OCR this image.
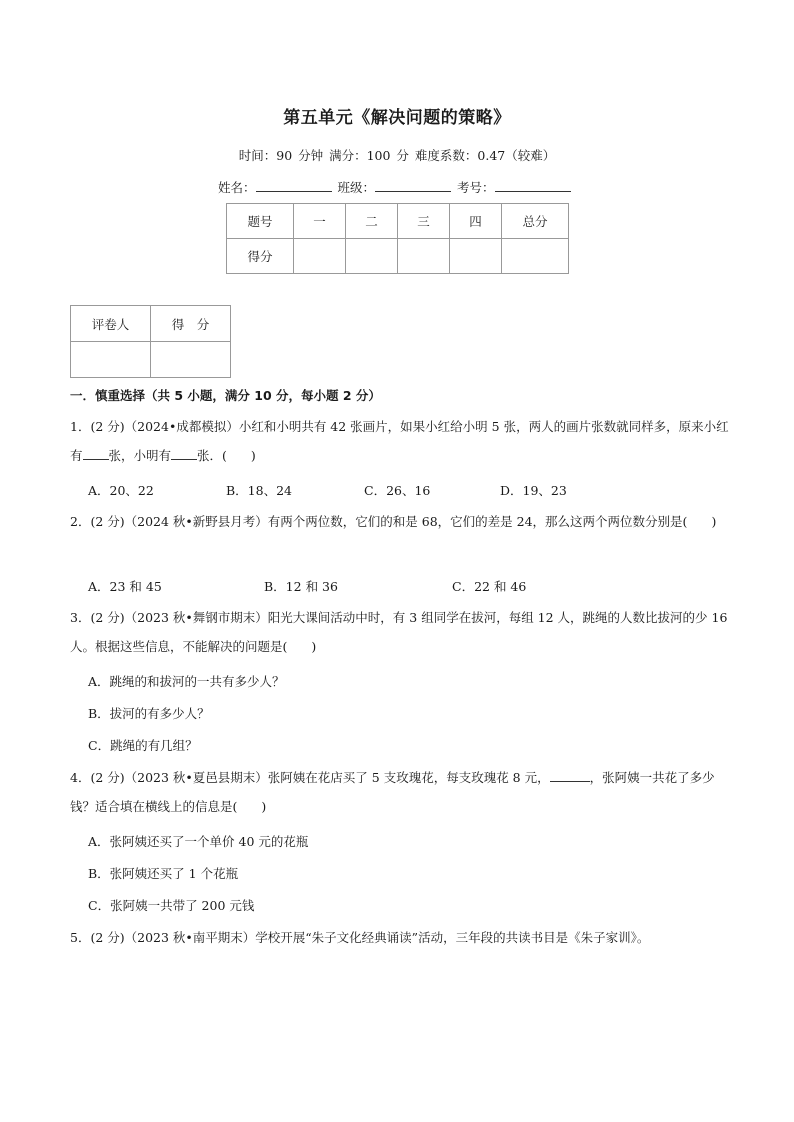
第五单元《解决问题的策略》
时间：90 分钟 满分：100 分 难度系数：0.47（较难）
姓名：	班级：	考号：
题号	一	二	三	四	总分
得分					
评卷人	得　分

一．慎重选择（共 5 小题，满分 10 分，每小题 2 分）
1．(2 分)（2024•成都模拟）小红和小明共有 42 张画片，如果小红给小明 5 张，两人的画片张数就同样多，原来小红有 张，小明有 张．( )
A．20、22	B．18、24	C．26、16	D．19、23
2．(2 分)（2024 秋•新野县月考）有两个两位数，它们的和是 68，它们的差是 24，那么这两个两位数分别是( )
A．23 和 45	B．12 和 36	C．22 和 46
3．(2 分)（2023 秋•舞钢市期末）阳光大课间活动中时，有 3 组同学在拔河，每组 12 人，跳绳的人数比拔河的少 16 人。根据这些信息，不能解决的问题是( )
A．跳绳的和拔河的一共有多少人？
B．拔河的有多少人？
C．跳绳的有几组？
4．(2 分)（2023 秋•夏邑县期末）张阿姨在花店买了 5 支玫瑰花，每支玫瑰花 8 元，	，张阿姨一共花了多少钱？适合填在横线上的信息是( )
A．张阿姨还买了一个单价 40 元的花瓶
B．张阿姨还买了 1 个花瓶
C．张阿姨一共带了 200 元钱
5．(2 分)（2023 秋•南平期末）学校开展“朱子文化经典诵读”活动，三年段的共读书目是《朱子家训》。
